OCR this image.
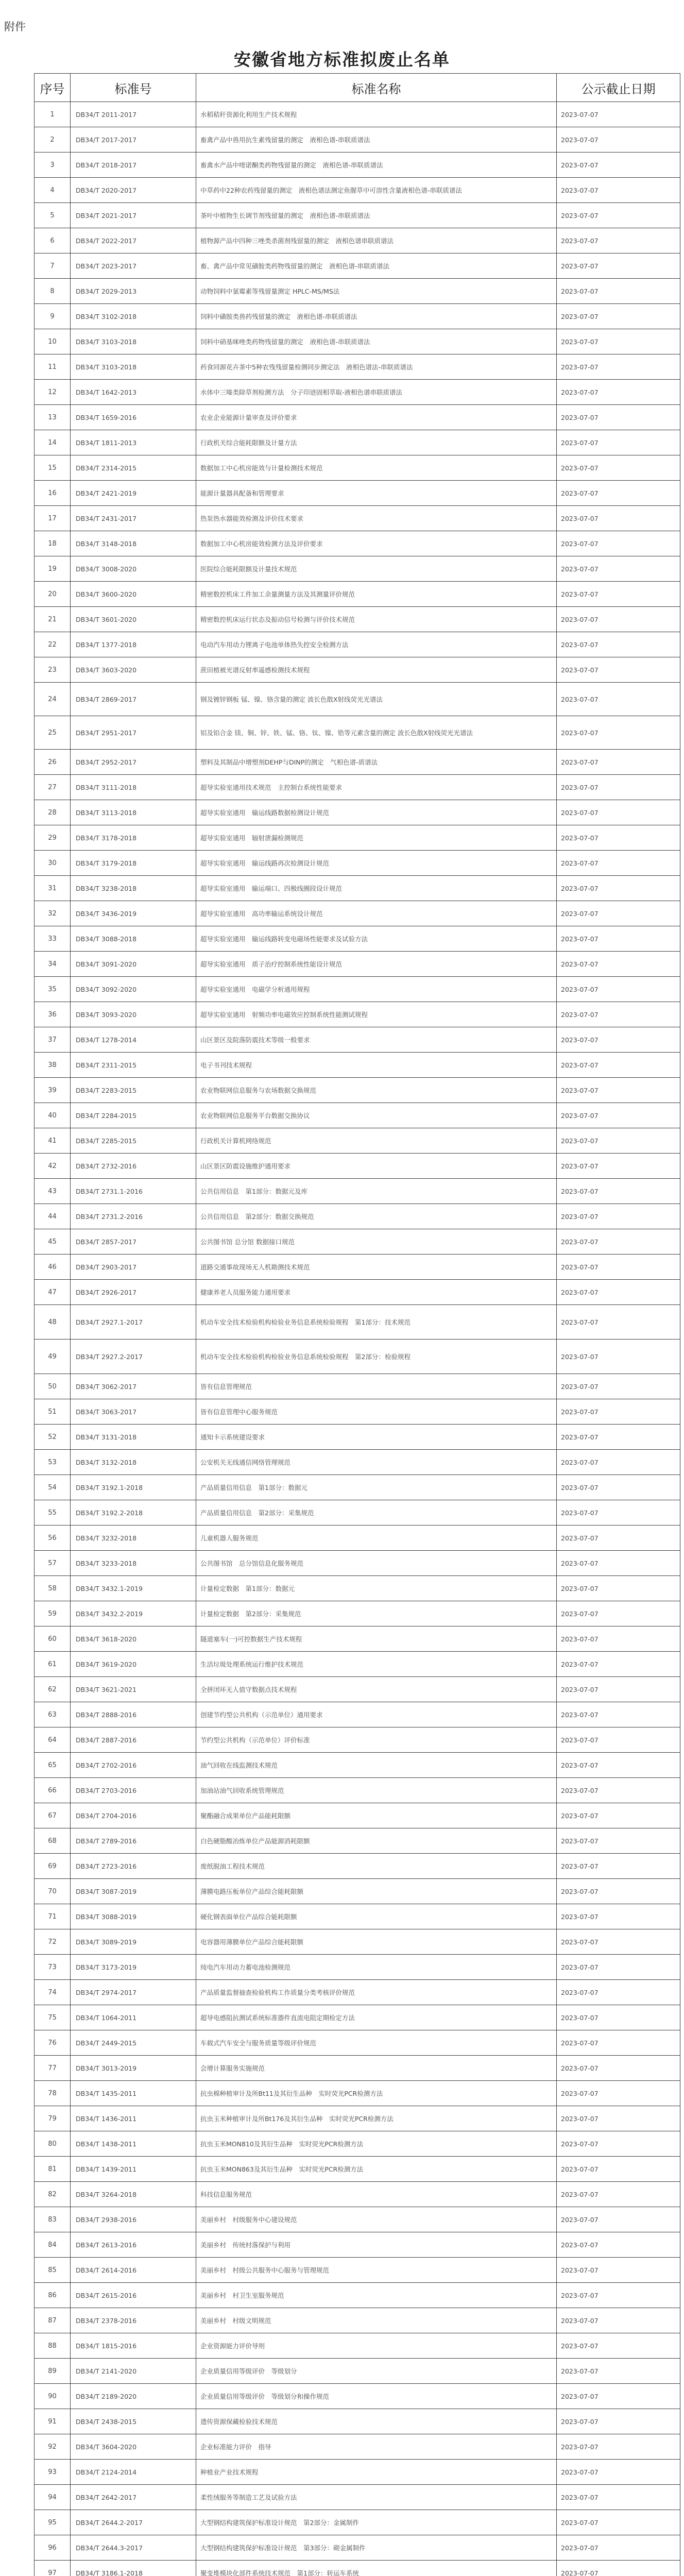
附件
安徽省地方标准拟废止名单
序号	标准号	标准名称	公示截止日期
1	DB34/T 2011-2017	水稻秸秆资源化利用生产技术规程	2023-07-07
2	DB34/T 2017-2017	畜禽产品中兽用抗生素残留量的测定　液相色谱-串联质谱法	2023-07-07
3	DB34/T 2018-2017	畜禽水产品中喹诺酮类药物残留量的测定　液相色谱-串联质谱法	2023-07-07
4	DB34/T 2020-2017	中草药中22种农药残留量的测定　液相色谱法测定鱼腥草中可溶性含量液相色谱-串联质谱法	2023-07-07
5	DB34/T 2021-2017	茶叶中植物生长调节剂残留量的测定　液相色谱-串联质谱法	2023-07-07
6	DB34/T 2022-2017	植物源产品中四种三唑类杀菌剂残留量的测定　液相色谱串联质谱法	2023-07-07
7	DB34/T 2023-2017	畜、禽产品中常见磺胺类药物残留量的测定　液相色谱-串联质谱法	2023-07-07
8	DB34/T 2029-2013	动物饲料中氯霉素等残留量测定 HPLC-MS/MS法	2023-07-07
9	DB34/T 3102-2018	饲料中磺胺类兽药残留量的测定　液相色谱-串联质谱法	2023-07-07
10	DB34/T 3103-2018	饲料中硝基咪唑类药物残留量的测定　液相色谱-串联质谱法	2023-07-07
11	DB34/T 3103-2018	药食同源花卉茶中5种农残残留量检测同步测定法　液相色谱法-串联质谱法	2023-07-07
12	DB34/T 1642-2013	水体中三嗪类除草剂检测方法　分子印迹固相萃取-液相色谱串联质谱法	2023-07-07
13	DB34/T 1659-2016	农业企业能源计量审查及评价要求	2023-07-07
14	DB34/T 1811-2013	行政机关综合能耗限额及计量方法	2023-07-07
15	DB34/T 2314-2015	数据加工中心机房能效与计量检测技术规范	2023-07-07
16	DB34/T 2421-2019	能源计量器具配备和管理要求	2023-07-07
17	DB34/T 2431-2017	热泵热水器能效检测及评价技术要求	2023-07-07
18	DB34/T 3148-2018	数据加工中心机房能效检测方法及评价要求	2023-07-07
19	DB34/T 3008-2020	医院综合能耗限额及计量技术规范	2023-07-07
20	DB34/T 3600-2020	精密数控机床工件加工余量测量方法及其测量评价规范	2023-07-07
21	DB34/T 3601-2020	精密数控机床运行状态及振动信号检测与评价技术规范	2023-07-07
22	DB34/T 1377-2018	电动汽车用动力锂离子电池单体热失控安全检测方法	2023-07-07
23	DB34/T 3603-2020	蔗田植被光谱反射率遥感检测技术规程	2023-07-07
24	DB34/T 2869-2017	钢及镀锌钢板 锰、镍、铬含量的测定 波长色散X射线荧光光谱法	2023-07-07
25	DB34/T 2951-2017	铝及铝合金 镁、铜、锌、铁、锰、铬、钛、镍、锆等元素含量的测定 波长色散X射线荧光光谱法	2023-07-07
26	DB34/T 2952-2017	塑料及其制品中增塑剂DEHP与DINP的测定　气相色谱-质谱法	2023-07-07
27	DB34/T 3111-2018	超导实验室通用技术规范　主控制台系统性能要求	2023-07-07
28	DB34/T 3113-2018	超导实验室通用　输运线路数据检测设计规范	2023-07-07
29	DB34/T 3178-2018	超导实验室通用　辐射泄漏检测规范	2023-07-07
30	DB34/T 3179-2018	超导实验室通用　输运线路再次检测设计规范	2023-07-07
31	DB34/T 3238-2018	超导实验室通用　输运端口、四极线圈段设计规范	2023-07-07
32	DB34/T 3436-2019	超导实验室通用　高功率输运系统设计规范	2023-07-07
33	DB34/T 3088-2018	超导实验室通用　输运线路转变电磁场性能要求及试验方法	2023-07-07
34	DB34/T 3091-2020	超导实验室通用　质子治疗控制系统性能设计规范	2023-07-07
35	DB34/T 3092-2020	超导实验室通用　电磁学分析通用规程	2023-07-07
36	DB34/T 3093-2020	超导实验室通用　射频功率电磁效应控制系统性能测试规程	2023-07-07
37	DB34/T 1278-2014	山区景区及院落防震技术等级一般要求	2023-07-07
38	DB34/T 2311-2015	电子书刊技术规程	2023-07-07
39	DB34/T 2283-2015	农业物联网信息服务与农场数据交换规范	2023-07-07
40	DB34/T 2284-2015	农业物联网信息服务平台数据交换协议	2023-07-07
41	DB34/T 2285-2015	行政机关计算机网络规范	2023-07-07
42	DB34/T 2732-2016	山区景区防震设施维护通用要求	2023-07-07
43	DB34/T 2731.1-2016	公共信用信息　第1部分：数据元及库	2023-07-07
44	DB34/T 2731.2-2016	公共信用信息　第2部分：数据交换规范	2023-07-07
45	DB34/T 2857-2017	公共图书馆 总分馆 数据接口规范	2023-07-07
46	DB34/T 2903-2017	道路交通事故现场无人机勘测技术规范	2023-07-07
47	DB34/T 2926-2017	健康养老人员服务能力通用要求	2023-07-07
48	DB34/T 2927.1-2017	机动车安全技术检验机构检验业务信息系统检验规程　第1部分：技术规范	2023-07-07
49	DB34/T 2927.2-2017	机动车安全技术检验机构检验业务信息系统检验规程　第2部分：检验规程	2023-07-07
50	DB34/T 3062-2017	皆有信息管理规范	2023-07-07
51	DB34/T 3063-2017	皆有信息管理中心服务规范	2023-07-07
52	DB34/T 3131-2018	通知卡示系统建设要求	2023-07-07
53	DB34/T 3132-2018	公安机关无线通信网络管理规范	2023-07-07
54	DB34/T 3192.1-2018	产品质量信用信息　第1部分：数据元	2023-07-07
55	DB34/T 3192.2-2018	产品质量信用信息　第2部分：采集规范	2023-07-07
56	DB34/T 3232-2018	儿童机器人服务规范	2023-07-07
57	DB34/T 3233-2018	公共图书馆　总分馆信息化服务规范	2023-07-07
58	DB34/T 3432.1-2019	计量检定数据　第1部分：数据元	2023-07-07
59	DB34/T 3432.2-2019	计量检定数据　第2部分：采集规范	2023-07-07
60	DB34/T 3618-2020	隧道塞车(一)可控数据生产技术规程	2023-07-07
61	DB34/T 3619-2020	生活垃圾处理系统运行维护技术规范	2023-07-07
62	DB34/T 3621-2021	全拼闭环无人值守数据点技术规程	2023-07-07
63	DB34/T 2888-2016	创建节约型公共机构（示范单位）通用要求	2023-07-07
64	DB34/T 2887-2016	节约型公共机构（示范单位）评价标准	2023-07-07
65	DB34/T 2702-2016	油气回收在线监测技术规范	2023-07-07
66	DB34/T 2703-2016	加油站油气回收系统管理规范	2023-07-07
67	DB34/T 2704-2016	聚酯融合成果单位产品能耗限额	2023-07-07
68	DB34/T 2789-2016	白色硬脂酸冶炼单位产品能源消耗限额	2023-07-07
69	DB34/T 2723-2016	废纸脱油工程技术规范	2023-07-07
70	DB34/T 3087-2019	薄膜电路压板单位产品综合能耗限额	2023-07-07
71	DB34/T 3088-2019	硬化钢表面单位产品综合能耗限额	2023-07-07
72	DB34/T 3089-2019	电容器用薄膜单位产品综合能耗限额	2023-07-07
73	DB34/T 3173-2019	纯电汽车用动力蓄电池检测规范	2023-07-07
74	DB34/T 2974-2017	产品质量监督抽查检验机构工作质量分类考核评价规范	2023-07-07
75	DB34/T 1064-2011	超导电感阻抗测试系统标准器件直流电阻定期检定方法	2023-07-07
76	DB34/T 2449-2015	车载式汽车安全与服务质量等级评价规范	2023-07-07
77	DB34/T 3013-2019	会增计算服务实施规范	2023-07-07
78	DB34/T 1435-2011	抗虫棉种植审计及所Bt11及其衍生品种　实时荧光PCR检测方法	2023-07-07
79	DB34/T 1436-2011	抗虫玉米种植审计及所Bt176及其衍生品种　实时荧光PCR检测方法	2023-07-07
80	DB34/T 1438-2011	抗虫玉米MON810及其衍生品种　实时荧光PCR检测方法	2023-07-07
81	DB34/T 1439-2011	抗虫玉米MON863及其衍生品种　实时荧光PCR检测方法	2023-07-07
82	DB34/T 3264-2018	科技信息服务规范	2023-07-07
83	DB34/T 2938-2016	美丽乡村　村级服务中心建设规范	2023-07-07
84	DB34/T 2613-2016	美丽乡村　传统村落保护与利用	2023-07-07
85	DB34/T 2614-2016	美丽乡村　村级公共服务中心服务与管理规范	2023-07-07
86	DB34/T 2615-2016	美丽乡村　村卫生室服务规范	2023-07-07
87	DB34/T 2378-2016	美丽乡村　村级文明规范	2023-07-07
88	DB34/T 1815-2016	企业资源能力评价导则	2023-07-07
89	DB34/T 2141-2020	企业质量信用等级评价　等级划分	2023-07-07
90	DB34/T 2189-2020	企业质量信用等级评价　等级划分和操作规范	2023-07-07
91	DB34/T 2438-2015	遗传资源保藏检验技术规范	2023-07-07
92	DB34/T 3604-2020	企业标准能力评价　指导	2023-07-07
93	DB34/T 2124-2014	种植业产业技术规程	2023-07-07
94	DB34/T 2642-2017	柔性绒服务等制造工艺及试验方法	2023-07-07
95	DB34/T 2644.2-2017	大型钢结构建筑保护标准设计规范　第2部分：金属制件	2023-07-07
96	DB34/T 2644.3-2017	大型钢结构建筑保护标准设计规范　第3部分：砌金属制件	2023-07-07
97	DB34/T 3186.1-2018	聚变堆模块化部件系统技术规范　第1部分：转运车系统	2023-07-07
